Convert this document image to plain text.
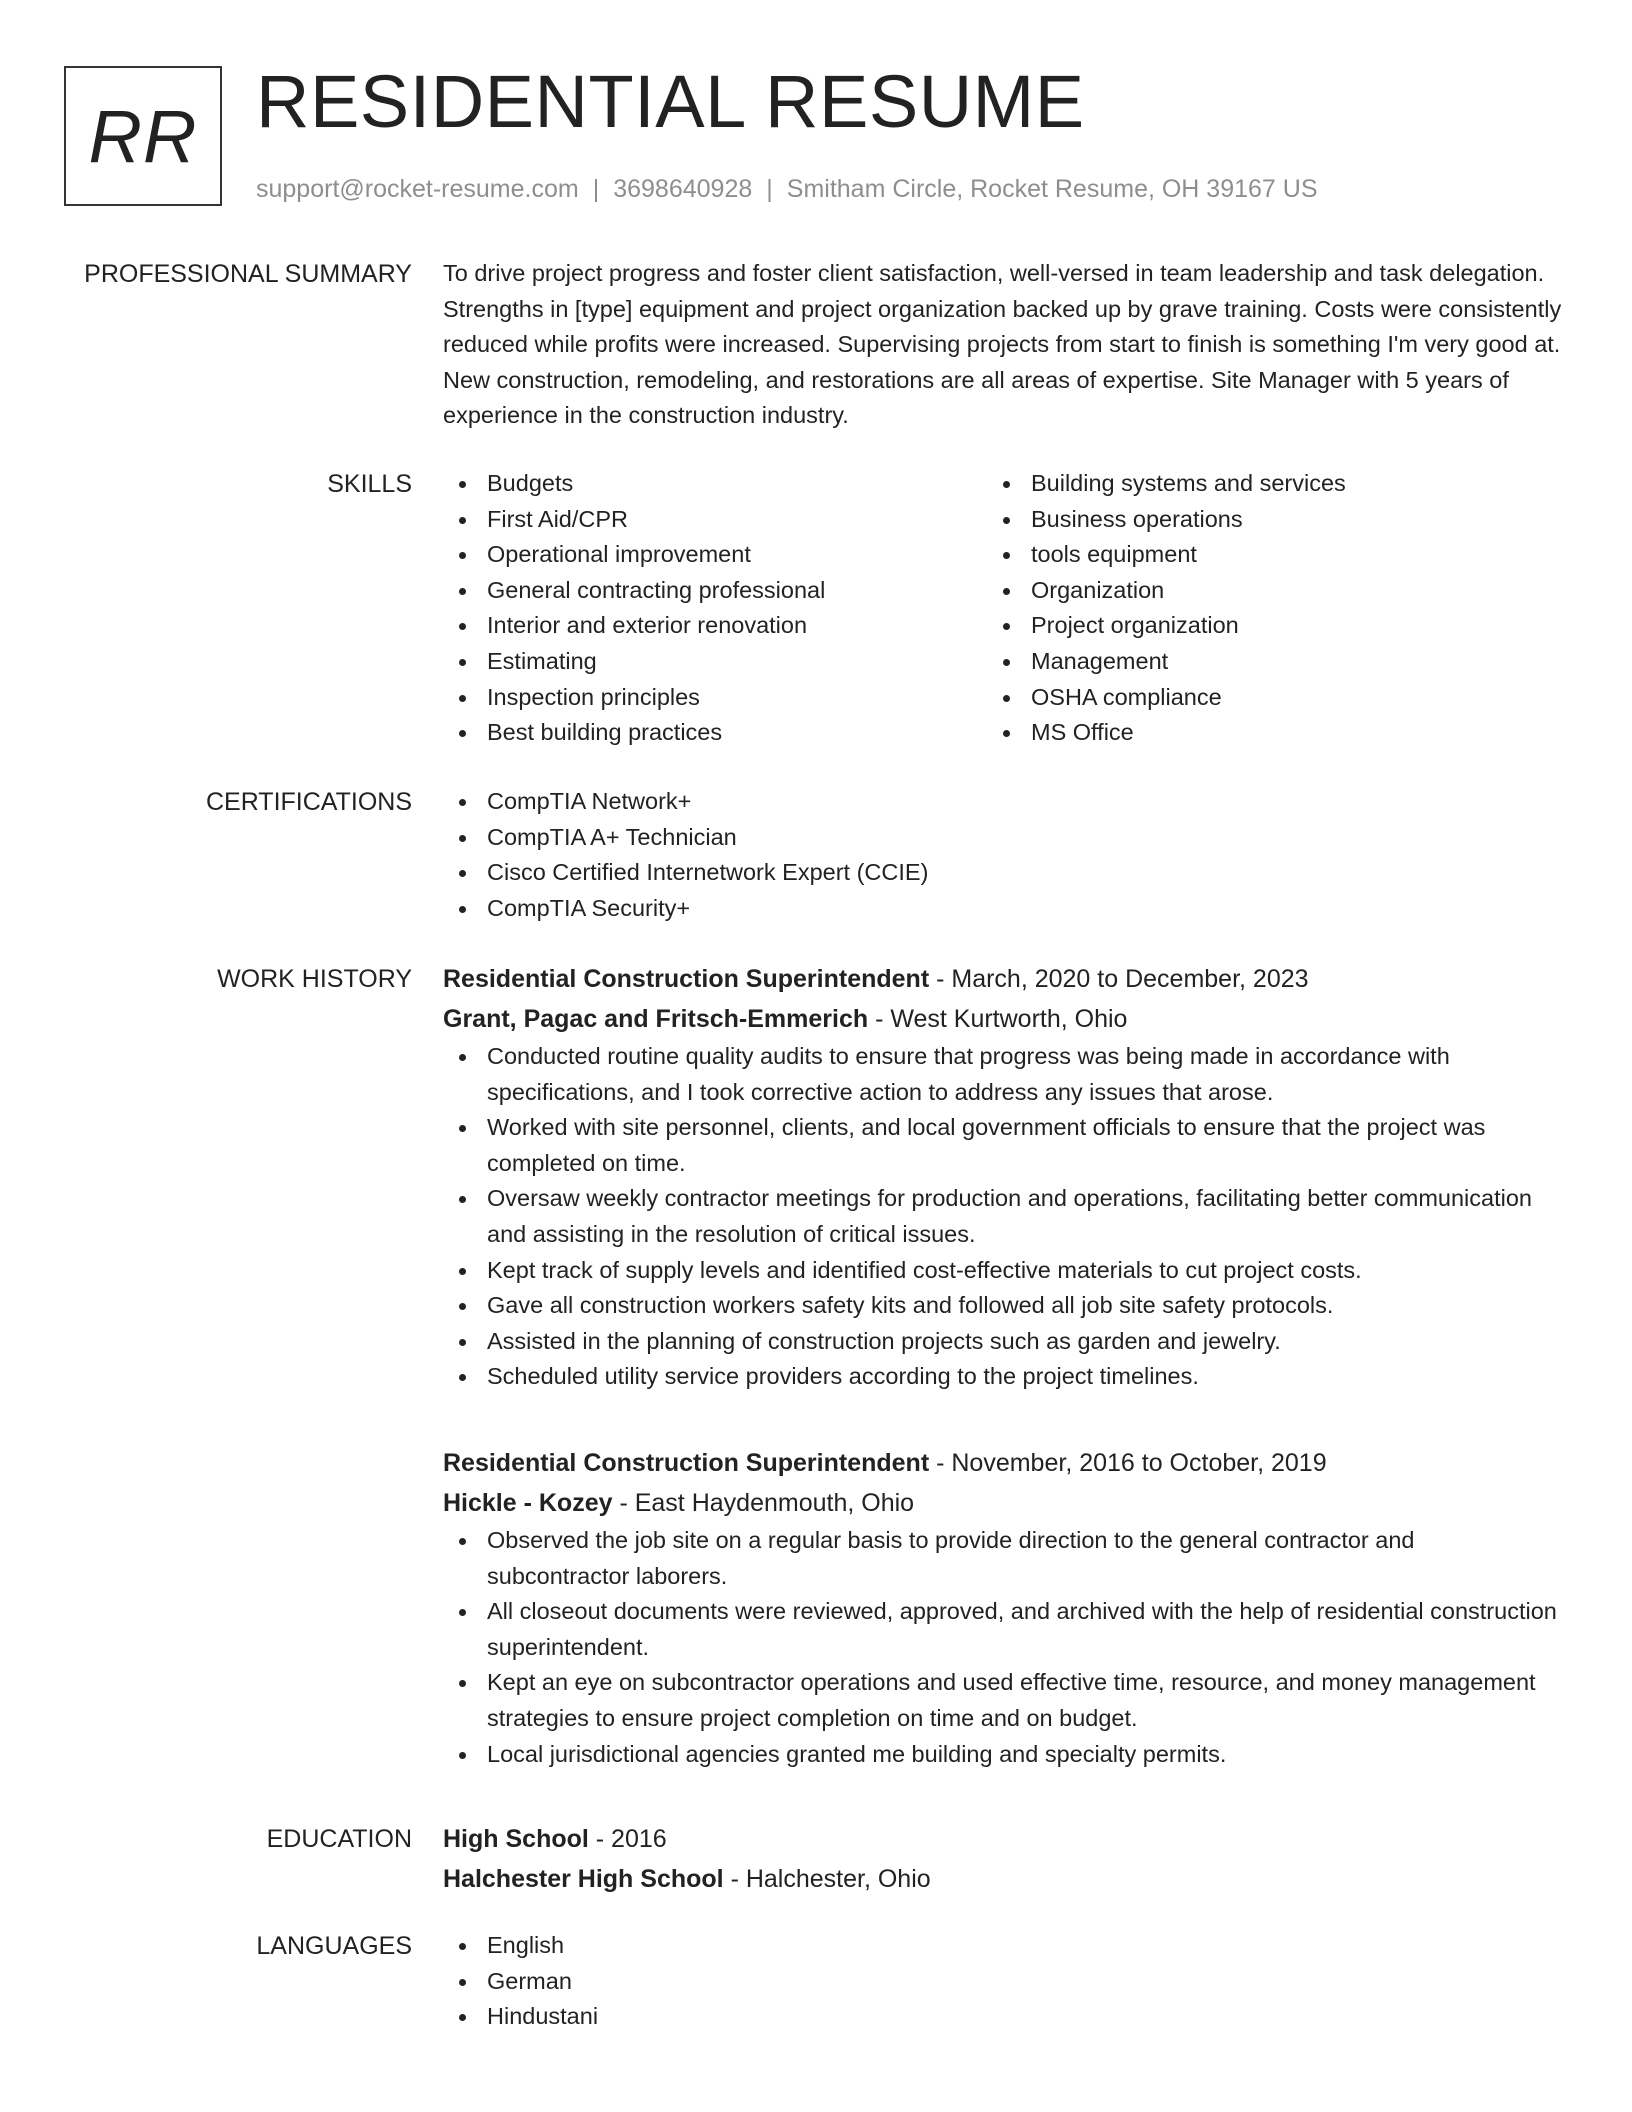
RR RESIDENTIAL RESUME
support@rocket-resume.com | 3698640928 | Smitham Circle, Rocket Resume, OH 39167 US
PROFESSIONAL SUMMARY To drive project progress and foster client satisfaction, well-versed in team leadership and task delegation. Strengths in [type] equipment and project organization backed up by grave training. Costs were consistently reduced while profits were increased. Supervising projects from start to finish is something I'm very good at. New construction, remodeling, and restorations are all areas of expertise. Site Manager with 5 years of experience in the construction industry.

SKILLS	Budgets
First Aid/CPR
Operational improvement
General contracting professional
Interior and exterior renovation
Estimating
Inspection principles
Best building practices
Building systems and services
Business operations
tools equipment
Organization
Project organization
Management
OSHA compliance
MS Office
CERTIFICATIONS	CompTIA Network+
CompTIA A+ Technician
Cisco Certified Internetwork Expert (CCIE)
CompTIA Security+
WORK HISTORY Residential Construction Superintendent - March, 2020 to December, 2023
Grant, Pagac and Fritsch-Emmerich - West Kurtworth, Ohio
Conducted routine quality audits to ensure that progress was being made in accordance with specifications, and I took corrective action to address any issues that arose.
Worked with site personnel, clients, and local government officials to ensure that the project was completed on time.
Oversaw weekly contractor meetings for production and operations, facilitating better communication and assisting in the resolution of critical issues.
Kept track of supply levels and identified cost-effective materials to cut project costs.
Gave all construction workers safety kits and followed all job site safety protocols.
Assisted in the planning of construction projects such as garden and jewelry.
Scheduled utility service providers according to the project timelines.
Residential Construction Superintendent - November, 2016 to October, 2019
Hickle - Kozey - East Haydenmouth, Ohio
Observed the job site on a regular basis to provide direction to the general contractor and subcontractor laborers.
All closeout documents were reviewed, approved, and archived with the help of residential construction superintendent.
Kept an eye on subcontractor operations and used effective time, resource, and money management strategies to ensure project completion on time and on budget.
Local jurisdictional agencies granted me building and specialty permits.
EDUCATION High School - 2016
Halchester High School - Halchester, Ohio
LANGUAGES	English
German
Hindustani
